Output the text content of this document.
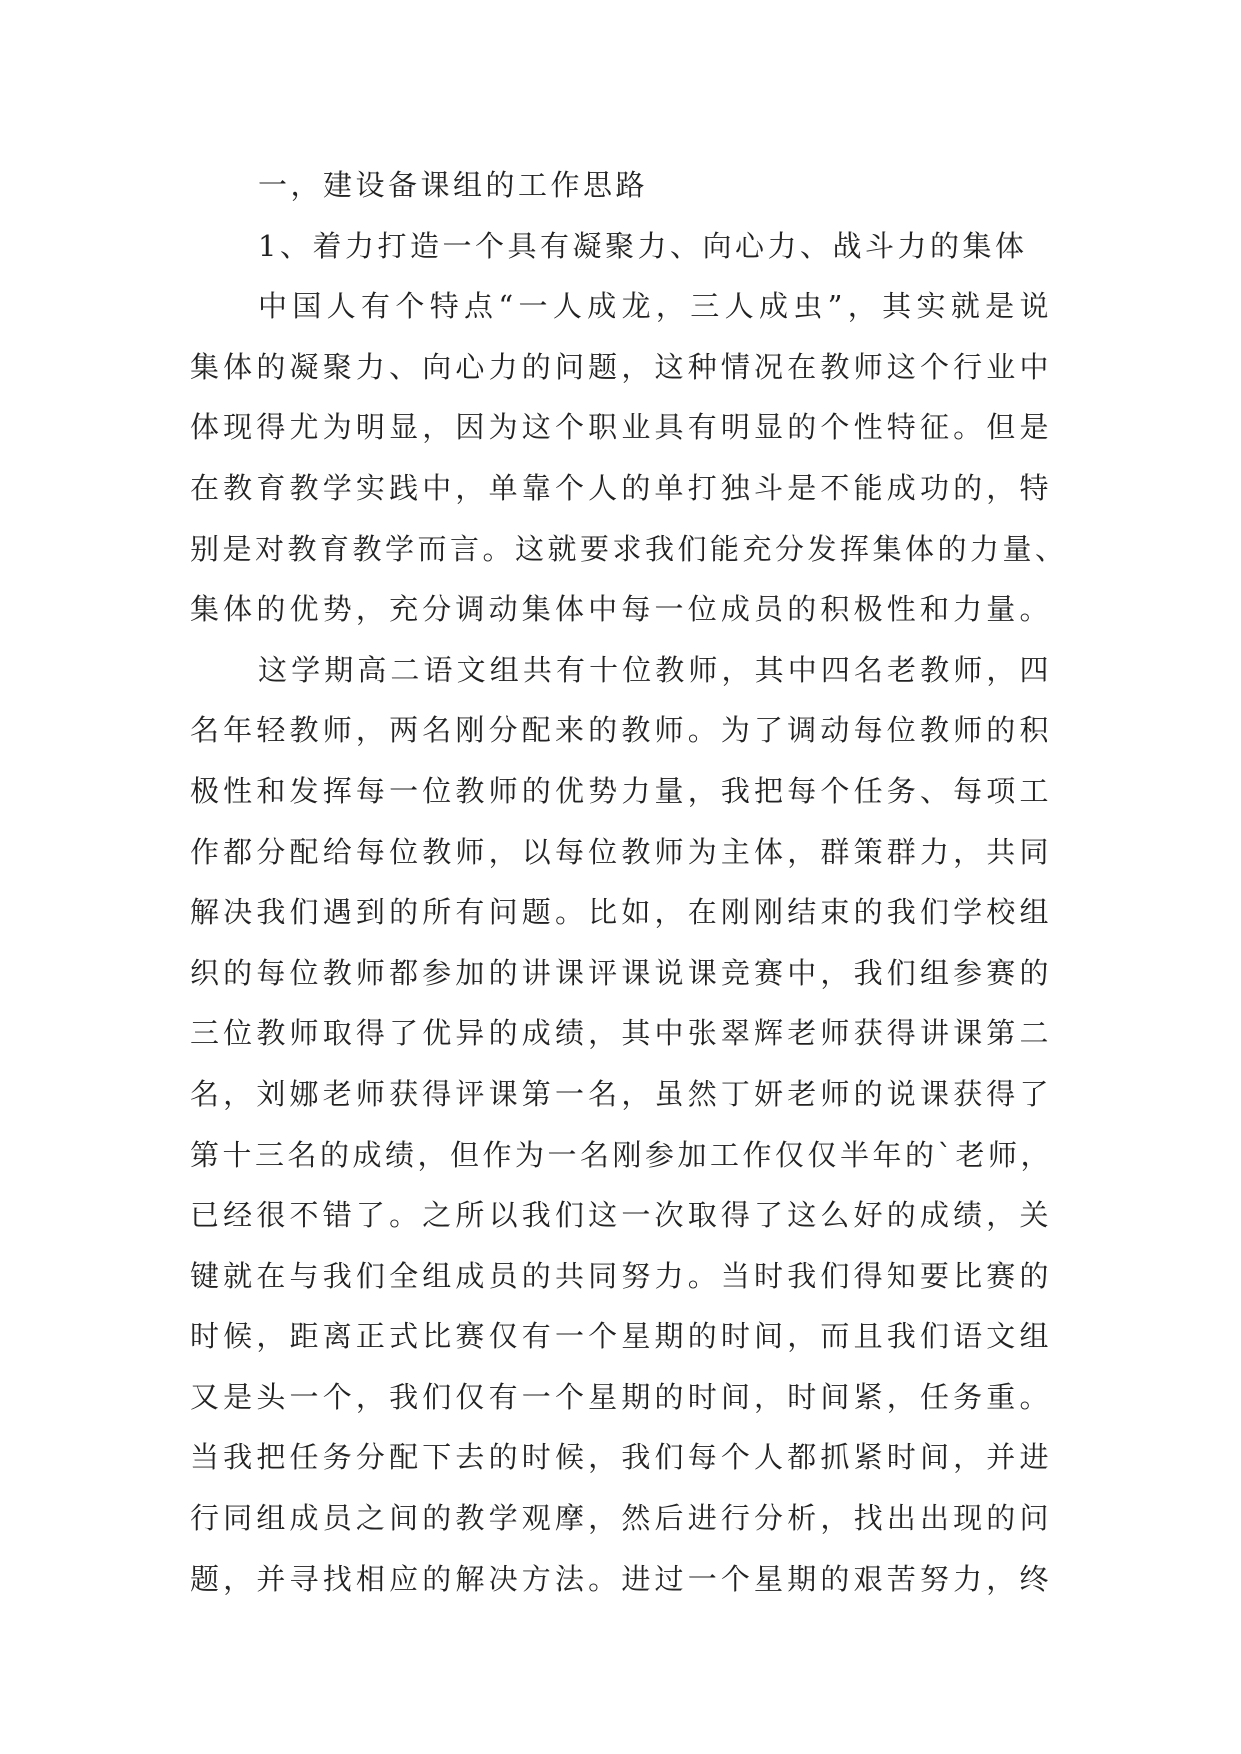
一，建设备课组的工作思路
1、着力打造一个具有凝聚力、向心力、战斗力的集体
中国人有个特点“一人成龙，三人成虫”，其实就是说
集体的凝聚力、向心力的问题，这种情况在教师这个行业中
体现得尤为明显，因为这个职业具有明显的个性特征。但是
在教育教学实践中，单靠个人的单打独斗是不能成功的，特
别是对教育教学而言。这就要求我们能充分发挥集体的力量、
集体的优势，充分调动集体中每一位成员的积极性和力量。
这学期高二语文组共有十位教师，其中四名老教师，四
名年轻教师，两名刚分配来的教师。为了调动每位教师的积
极性和发挥每一位教师的优势力量，我把每个任务、每项工
作都分配给每位教师，以每位教师为主体，群策群力，共同
解决我们遇到的所有问题。比如，在刚刚结束的我们学校组
织的每位教师都参加的讲课评课说课竞赛中，我们组参赛的
三位教师取得了优异的成绩，其中张翠辉老师获得讲课第二
名，刘娜老师获得评课第一名，虽然丁妍老师的说课获得了
第十三名的成绩，但作为一名刚参加工作仅仅半年的`老师，
已经很不错了。之所以我们这一次取得了这么好的成绩，关
键就在与我们全组成员的共同努力。当时我们得知要比赛的
时候，距离正式比赛仅有一个星期的时间，而且我们语文组
又是头一个，我们仅有一个星期的时间，时间紧，任务重。
当我把任务分配下去的时候，我们每个人都抓紧时间，并进
行同组成员之间的教学观摩，然后进行分析，找出出现的问
题，并寻找相应的解决方法。进过一个星期的艰苦努力，终
